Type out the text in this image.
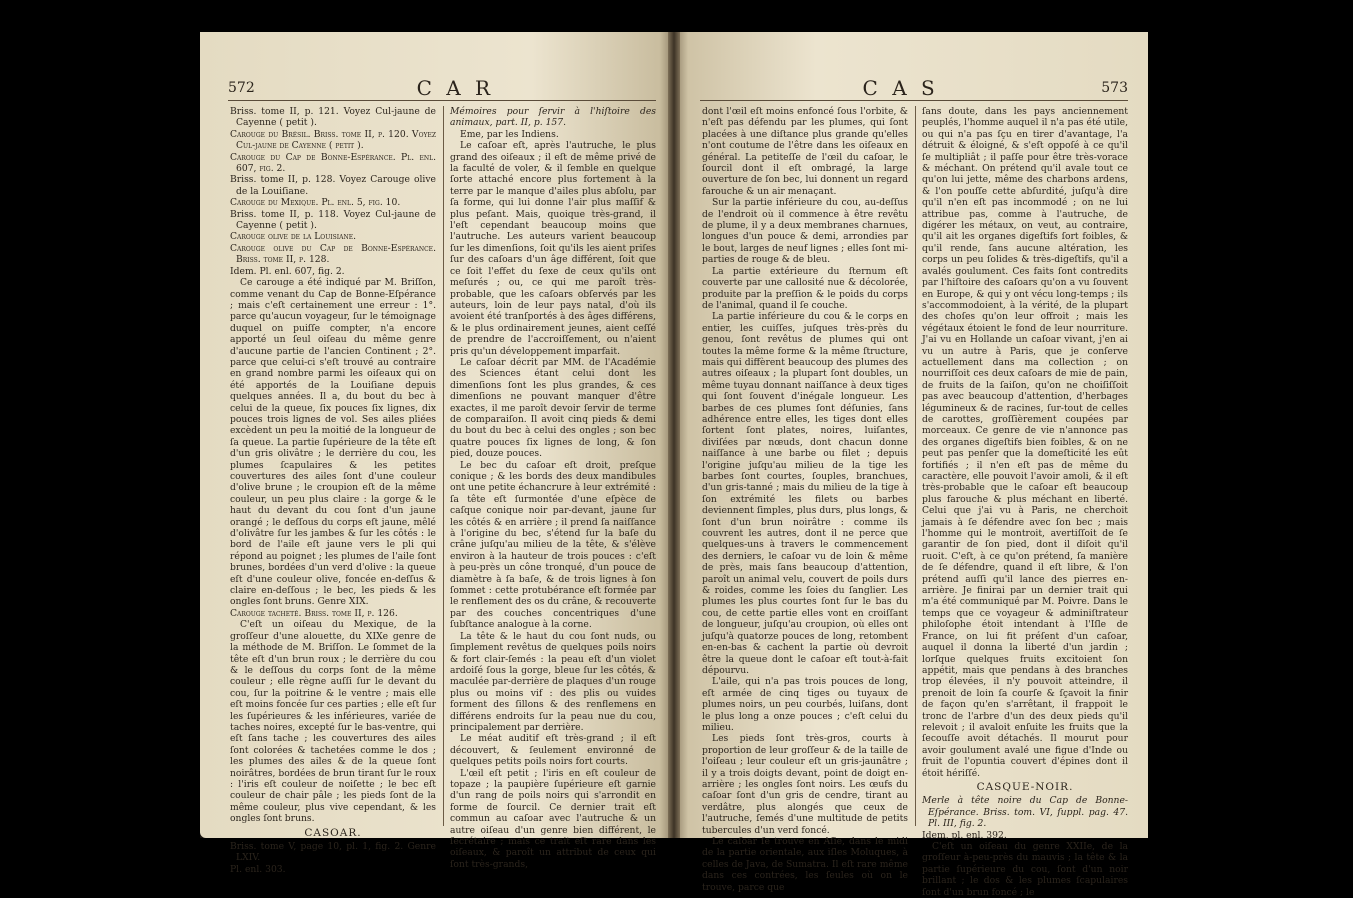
572	C A R

Briss. tome II, p. 121. Voyez Cul-jaune de Cayenne ( petit ).

Carouge du Bréſil. Briss. tome II, p. 120. Voyez Cul-jaune de Cayenne ( petit ).

Carouge du Cap de Bonne-Eſpérance. Pl. enl. 607, fig. 2.

Briss. tome II, p. 128. Voyez Carouge olive de la Louiſiane.

Carouge du Mexique. Pl. enl. 5, fig. 10.

Briss. tome II, p. 118. Voyez Cul-jaune de Cayenne ( petit ).

Carouge olive de la Louiſiane.

Carouge olive du Cap de Bonne-Eſpérance. Briss. tome II, p. 128.

Idem. Pl. enl. 607, fig. 2.

Ce carouge a été indiqué par M. Briſſon, comme venant du Cap de Bonne-Eſpérance ; mais c'eſt certainement une erreur : 1°. parce qu'aucun voyageur, ſur le témoignage duquel on puiſſe compter, n'a encore apporté un ſeul oiſeau du même genre d'aucune partie de l'ancien Continent ; 2°. parce que celui-ci s'eſt trouvé au contraire en grand nombre parmi les oiſeaux qui on été apportés de la Louiſiane depuis quelques années. Il a, du bout du bec à celui de la queue, ſix pouces ſix lignes, dix pouces trois lignes de vol. Ses ailes pliées excèdent un peu la moitié de la longueur de ſa queue. La partie ſupérieure de la tête eſt d'un gris olivâtre ; le derrière du cou, les plumes ſcapulaires & les petites couvertures des ailes ſont d'une couleur d'olive brune ; le croupion eſt de la même couleur, un peu plus claire : la gorge & le haut du devant du cou ſont d'un jaune orangé ; le deſſous du corps eſt jaune, mêlé d'olivâtre ſur les jambes & ſur les côtés : le bord de l'aile eſt jaune vers le pli qui répond au poignet ; les plumes de l'aile ſont brunes, bordées d'un verd d'olive : la queue eſt d'une couleur olive, foncée en-deſſus & claire en-deſſous ; le bec, les pieds & les ongles ſont bruns. Genre XIX.

Carouge tacheté. Briss. tome II, p. 126.

C'eſt un oiſeau du Mexique, de la groſſeur d'une alouette, du XIXe genre de la méthode de M. Briſſon. Le ſommet de la tête eſt d'un brun roux ; le derrière du cou & le deſſous du corps ſont de la même couleur ; elle règne auſſi ſur le devant du cou, ſur la poitrine & le ventre ; mais elle eſt moins foncée ſur ces parties ; elle eſt ſur les ſupérieures & les inférieures, variée de taches noires, excepté ſur le bas-ventre, qui eſt ſans tache ; les couvertures des ailes ſont colorées & tachetées comme le dos ; les plumes des ailes & de la queue ſont noirâtres, bordées de brun tirant ſur le roux : l'iris eſt couleur de noiſette ; le bec eſt couleur de chair pâle ; les pieds ſont de la même couleur, plus vive cependant, & les ongles ſont bruns.

CASOAR.

Briss. tome V, page 10, pl. 1, fig. 2. Genre LXIV.

Pl. enl. 303.

Mémoires pour ſervir à l'hiſtoire des animaux, part. II, p. 157.

Eme, par les Indiens.

Le caſoar eſt, après l'autruche, le plus grand des oiſeaux ; il eſt de même privé de la faculté de voler, & il ſemble en quelque ſorte attaché encore plus fortement à la terre par le manque d'ailes plus abſolu, par ſa forme, qui lui donne l'air plus maſſif & plus peſant. Mais, quoique très-grand, il l'eſt cependant beaucoup moins que l'autruche. Les auteurs varient beaucoup ſur les dimenſions, ſoit qu'ils les aient priſes ſur des caſoars d'un âge différent, ſoit que ce ſoit l'effet du ſexe de ceux qu'ils ont meſurés ; ou, ce qui me paroît très-probable, que les caſoars obſervés par les auteurs, loin de leur pays natal, d'où ils avoient été tranſportés à des âges différens, & le plus ordinairement jeunes, aient ceſſé de prendre de l'accroiſſement, ou n'aient pris qu'un développement imparfait.

Le caſoar décrit par MM. de l'Académie des Sciences étant celui dont les dimenſions ſont les plus grandes, & ces dimenſions ne pouvant manquer d'être exactes, il me paroît devoir ſervir de terme de comparaiſon. Il avoit cinq pieds & demi du bout du bec à celui des ongles ; son bec quatre pouces ſix lignes de long, & ſon pied, douze pouces.

Le bec du caſoar eſt droit, preſque conique ; & les bords des deux mandibules ont une petite échancrure à leur extrémité : ſa tête eſt ſurmontée d'une eſpèce de caſque conique noir par-devant, jaune ſur les côtés & en arrière ; il prend ſa naiſſance à l'origine du bec, s'étend ſur la baſe du crâne juſqu'au milieu de la tête, & s'élève environ à la hauteur de trois pouces : c'eſt à peu-près un cône tronqué, d'un pouce de diamètre à ſa baſe, & de trois lignes à ſon ſommet : cette protubérance eſt formée par le renflement des os du crâne, & recouverte par des couches concentriques d'une ſubſtance analogue à la corne.

La tête & le haut du cou ſont nuds, ou ſimplement revêtus de quelques poils noirs & fort clair-ſemés : la peau eſt d'un violet ardoiſé ſous la gorge, bleue ſur les côtés, & maculée par-derrière de plaques d'un rouge plus ou moins vif : des plis ou vuides forment des ſillons & des renflemens en différens endroits ſur la peau nue du cou, principalement par derrière.

Le méat auditif eſt très-grand ; il eſt découvert, & ſeulement environné de quelques petits poils noirs fort courts.

L'œil eſt petit ; l'iris en eſt couleur de topaze ; la paupière ſupérieure eſt garnie d'un rang de poils noirs qui s'arrondit en forme de ſourcil. Ce dernier trait eſt commun au caſoar avec l'autruche & un autre oiſeau d'un genre bien différent, le ſecrétaire ; mais ce trait eſt rare dans les oiſeaux, & paroît un attribut de ceux qui ſont très-grands,

C A S	573

dont l'œil eſt moins enfoncé ſous l'orbite, & n'eſt pas défendu par les plumes, qui ſont placées à une diſtance plus grande qu'elles n'ont coutume de l'être dans les oiſeaux en général. La petiteſſe de l'œil du caſoar, le ſourcil dont il eſt ombragé, la large ouverture de ſon bec, lui donnent un regard farouche & un air menaçant.

Sur la partie inférieure du cou, au-deſſus de l'endroit où il commence à être revêtu de plume, il y a deux membranes charnues, longues d'un pouce & demi, arrondies par le bout, larges de neuf lignes ; elles ſont mi-parties de rouge & de bleu.

La partie extérieure du ſternum eſt couverte par une callosité nue & décolorée, produite par la preſſion & le poids du corps de l'animal, quand il ſe couche.

La partie inférieure du cou & le corps en entier, les cuiſſes, juſques très-près du genou, ſont revêtus de plumes qui ont toutes la même forme & la même ſtructure, mais qui diffèrent beaucoup des plumes des autres oiſeaux ; la plupart ſont doubles, un même tuyau donnant naiſſance à deux tiges qui ſont ſouvent d'inégale longueur. Les barbes de ces plumes ſont déſunies, ſans adhérence entre elles, les tiges dont elles ſortent ſont plates, noires, luiſantes, diviſées par nœuds, dont chacun donne naiſſance à une barbe ou filet ; depuis l'origine juſqu'au milieu de la tige les barbes ſont courtes, ſouples, branchues, d'un gris-tanné ; mais du milieu de la tige à ſon extrémité les filets ou barbes deviennent ſimples, plus durs, plus longs, & ſont d'un brun noirâtre : comme ils couvrent les autres, dont il ne perce que quelques-uns à travers le commencement des derniers, le caſoar vu de loin & même de près, mais ſans beaucoup d'attention, paroît un animal velu, couvert de poils durs & roides, comme les ſoies du ſanglier. Les plumes les plus courtes ſont ſur le bas du cou, de cette partie elles vont en croiſſant de longueur, juſqu'au croupion, où elles ont juſqu'à quatorze pouces de long, retombent en-en-bas & cachent la partie où devroit être la queue dont le caſoar eſt tout-à-fait dépourvu.

L'aile, qui n'a pas trois pouces de long, eſt armée de cinq tiges ou tuyaux de plumes noirs, un peu courbés, luiſans, dont le plus long a onze pouces ; c'eſt celui du milieu.

Les pieds ſont très-gros, courts à proportion de leur groſſeur & de la taille de l'oiſeau ; leur couleur eſt un gris-jaunâtre ; il y a trois doigts devant, point de doigt en-arrière ; les ongles ſont noirs. Les œufs du caſoar ſont d'un gris de cendre, tirant au verdâtre, plus alongés que ceux de l'autruche, ſemés d'une multitude de petits tubercules d'un verd foncé.

Le caſoar ſe trouve en Aſie, dans le midi de la partie orientale, aux iſles Moluques, à celles de Java, de Sumatra. Il eſt rare même dans ces contrées, les ſeules où on le trouve, parce que

ſans doute, dans les pays anciennement peuplés, l'homme auquel il n'a pas été utile, ou qui n'a pas ſçu en tirer d'avantage, l'a détruit & éloigné, & s'eſt oppoſé à ce qu'il ſe multipliât ; il paſſe pour être très-vorace & méchant. On prétend qu'il avale tout ce qu'on lui jette, même des charbons ardens, & l'on pouſſe cette abſurdité, juſqu'à dire qu'il n'en eſt pas incommodé ; on ne lui attribue pas, comme à l'autruche, de digérer les métaux, on veut, au contraire, qu'il ait les organes digeſtifs ſort foibles, & qu'il rende, ſans aucune altération, les corps un peu ſolides & très-digeſtifs, qu'il a avalés goulument. Ces faits ſont contredits par l'hiſtoire des caſoars qu'on a vu ſouvent en Europe, & qui y ont vécu long-temps ; ils s'accommodoient, à la vérité, de la plupart des choſes qu'on leur offroit ; mais les végétaux étoient le fond de leur nourriture. J'ai vu en Hollande un caſoar vivant, j'en ai vu un autre à Paris, que je conſerve actuellement dans ma collection ; on nourriſſoit ces deux caſoars de mie de pain, de fruits de la ſaiſon, qu'on ne choiſiſſoit pas avec beaucoup d'attention, d'herbages légumineux & de racines, ſur-tout de celles de carottes, groſſièrement coupées par morceaux. Ce genre de vie n'annonce pas des organes digeſtifs bien foibles, & on ne peut pas penſer que la domeſticité les eût fortifiés ; il n'en eſt pas de même du caractère, elle pouvoit l'avoir amoli, & il eſt très-probable que le caſoar eſt beaucoup plus farouche & plus méchant en liberté. Celui que j'ai vu à Paris, ne cherchoit jamais à ſe défendre avec ſon bec ; mais l'homme qui le montroit, avertiſſoit de ſe garantir de ſon pied, dont il diſoit qu'il ruoit. C'eſt, à ce qu'on prétend, ſa manière de ſe défendre, quand il eſt libre, & l'on prétend auſſi qu'il lance des pierres en-arrière. Je finirai par un dernier trait qui m'a été communiqué par M. Poivre. Dans le temps que ce voyageur & adminiſtrateur philoſophe étoit intendant à l'Iſle de France, on lui fit préſent d'un caſoar, auquel il donna la liberté d'un jardin ; lorſque quelques fruits excitoient ſon appétit, mais que pendans à des branches trop élevées, il n'y pouvoit atteindre, il prenoit de loin ſa courſe & ſçavoit la finir de façon qu'en s'arrêtant, il frappoit le tronc de l'arbre d'un des deux pieds qu'il relevoit ; il avaloit enſuite les fruits que la ſecouſſe avoit détachés. Il mourut pour avoir goulument avalé une figue d'Inde ou fruit de l'opuntia couvert d'épines dont il étoit hériſſé.

CASQUE-NOIR.

Merle à tête noire du Cap de Bonne-Eſpérance. Briss. tom. VI, ſuppl. pag. 47. Pl. III, fig. 2.

Idem, pl. enl. 392.

C'eſt un oiſeau du genre XXIIe, de la groſſeur à-peu-près du mauvis ; la tête & la partie ſupérieure du cou, ſont d'un noir brillant ; le dos & les plumes ſcapulaires ſont d'un brun foncé ; le
